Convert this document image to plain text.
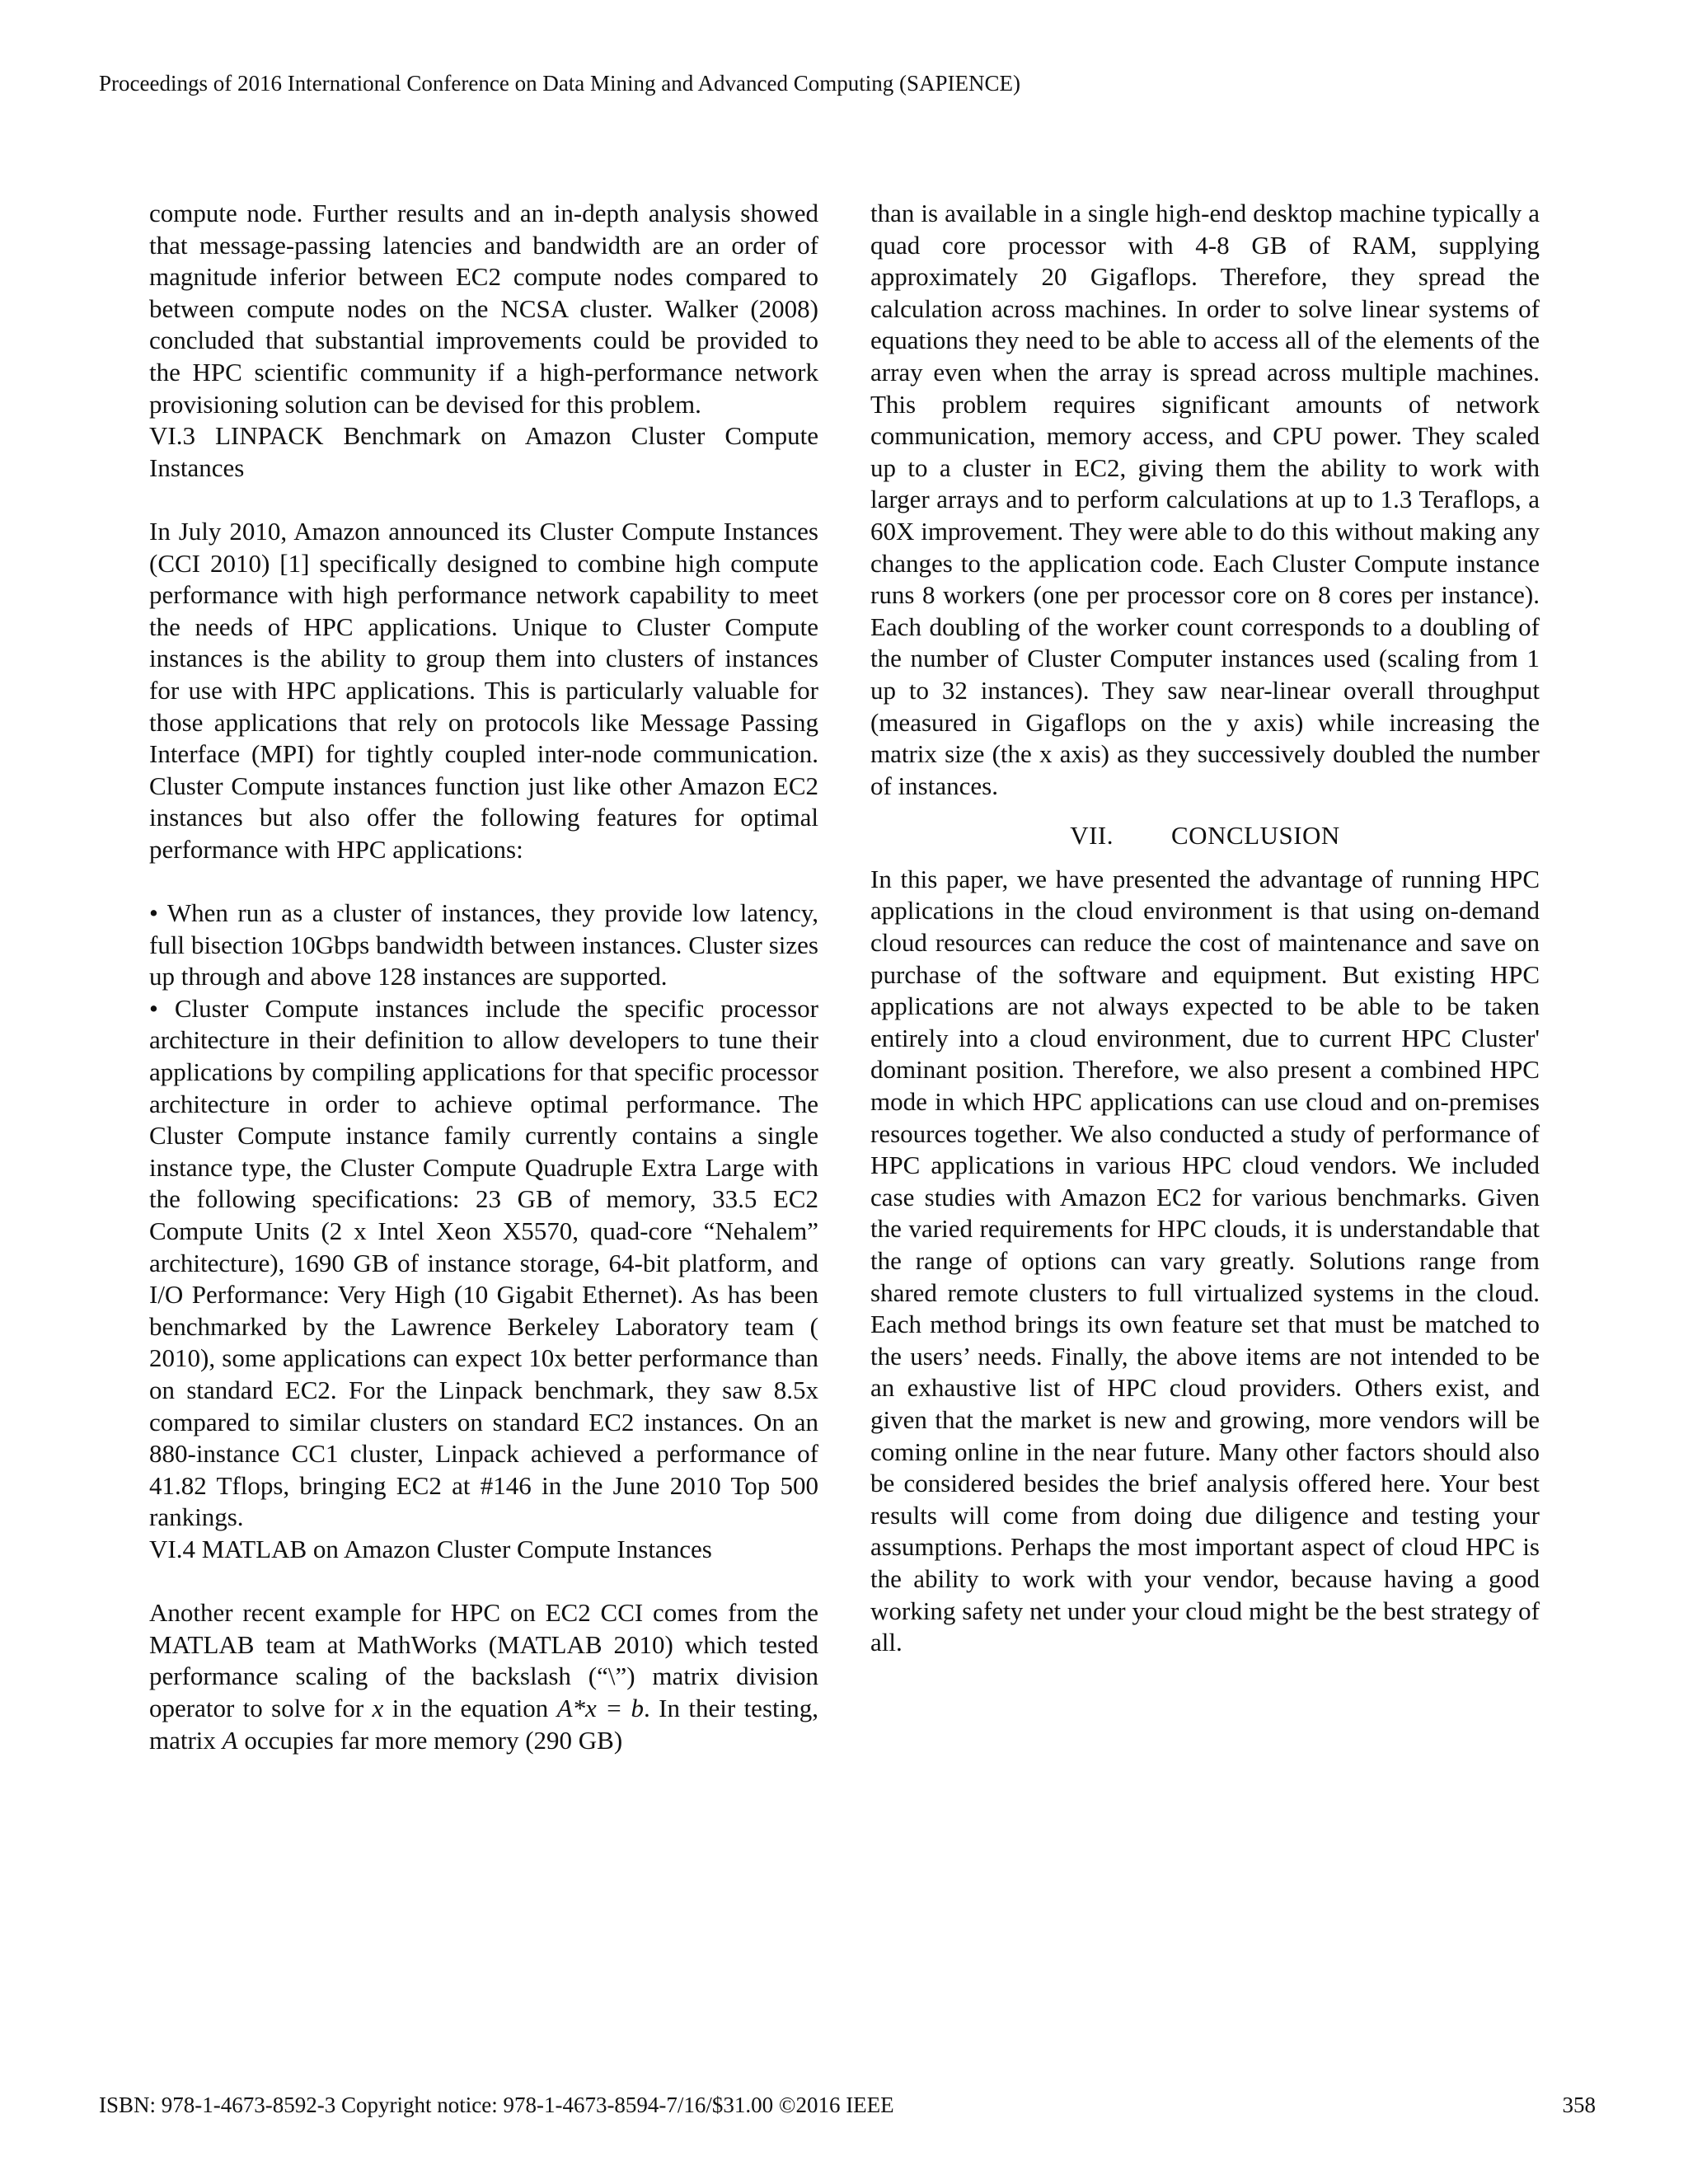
Proceedings of 2016 International Conference on Data Mining and Advanced Computing (SAPIENCE)

compute node. Further results and an in-depth analysis showed that message-passing latencies and bandwidth are an order of magnitude inferior between EC2 compute nodes compared to between compute nodes on the NCSA cluster. Walker (2008) concluded that substantial improvements could be provided to the HPC scientific community if a high-performance network provisioning solution can be devised for this problem.

VI.3 LINPACK Benchmark on Amazon Cluster Compute Instances

In July 2010, Amazon announced its Cluster Compute Instances (CCI 2010) [1] specifically designed to combine high compute performance with high performance network capability to meet the needs of HPC applications. Unique to Cluster Compute instances is the ability to group them into clusters of instances for use with HPC applications. This is particularly valuable for those applications that rely on protocols like Message Passing Interface (MPI) for tightly coupled inter-node communication. Cluster Compute instances function just like other Amazon EC2 instances but also offer the following features for optimal performance with HPC applications:

• When run as a cluster of instances, they provide low latency, full bisection 10Gbps bandwidth between instances. Cluster sizes up through and above 128 instances are supported.

• Cluster Compute instances include the specific processor architecture in their definition to allow developers to tune their applications by compiling applications for that specific processor architecture in order to achieve optimal performance. The Cluster Compute instance family currently contains a single instance type, the Cluster Compute Quadruple Extra Large with the following specifications: 23 GB of memory, 33.5 EC2 Compute Units (2 x Intel Xeon X5570, quad-core “Nehalem” architecture), 1690 GB of instance storage, 64-bit platform, and I/O Performance: Very High (10 Gigabit Ethernet). As has been benchmarked by the Lawrence Berkeley Laboratory team ( 2010), some applications can expect 10x better performance than on standard EC2. For the Linpack benchmark, they saw 8.5x compared to similar clusters on standard EC2 instances. On an 880-instance CC1 cluster, Linpack achieved a performance of 41.82 Tflops, bringing EC2 at #146 in the June 2010 Top 500 rankings.

VI.4 MATLAB on Amazon Cluster Compute Instances

Another recent example for HPC on EC2 CCI comes from the MATLAB team at MathWorks (MATLAB 2010) which tested performance scaling of the backslash (“\”) matrix division operator to solve for x in the equation A*x = b. In their testing, matrix A occupies far more memory (290 GB)

than is available in a single high-end desktop machine typically a quad core processor with 4-8 GB of RAM, supplying approximately 20 Gigaflops. Therefore, they spread the calculation across machines. In order to solve linear systems of equations they need to be able to access all of the elements of the array even when the array is spread across multiple machines. This problem requires significant amounts of network communication, memory access, and CPU power. They scaled up to a cluster in EC2, giving them the ability to work with larger arrays and to perform calculations at up to 1.3 Teraflops, a 60X improvement. They were able to do this without making any changes to the application code. Each Cluster Compute instance runs 8 workers (one per processor core on 8 cores per instance). Each doubling of the worker count corresponds to a doubling of the number of Cluster Computer instances used (scaling from 1 up to 32 instances). They saw near-linear overall throughput (measured in Gigaflops on the y axis) while increasing the matrix size (the x axis) as they successively doubled the number of instances.

VII. CONCLUSION

In this paper, we have presented the advantage of running HPC applications in the cloud environment is that using on-demand cloud resources can reduce the cost of maintenance and save on purchase of the software and equipment. But existing HPC applications are not always expected to be able to be taken entirely into a cloud environment, due to current HPC Cluster' dominant position. Therefore, we also present a combined HPC mode in which HPC applications can use cloud and on-premises resources together. We also conducted a study of performance of HPC applications in various HPC cloud vendors. We included case studies with Amazon EC2 for various benchmarks. Given the varied requirements for HPC clouds, it is understandable that the range of options can vary greatly. Solutions range from shared remote clusters to full virtualized systems in the cloud. Each method brings its own feature set that must be matched to the users’ needs. Finally, the above items are not intended to be an exhaustive list of HPC cloud providers. Others exist, and given that the market is new and growing, more vendors will be coming online in the near future. Many other factors should also be considered besides the brief analysis offered here. Your best results will come from doing due diligence and testing your assumptions. Perhaps the most important aspect of cloud HPC is the ability to work with your vendor, because having a good working safety net under your cloud might be the best strategy of all.

ISBN: 978-1-4673-8592-3 Copyright notice: 978-1-4673-8594-7/16/$31.00 ©2016 IEEE	358
